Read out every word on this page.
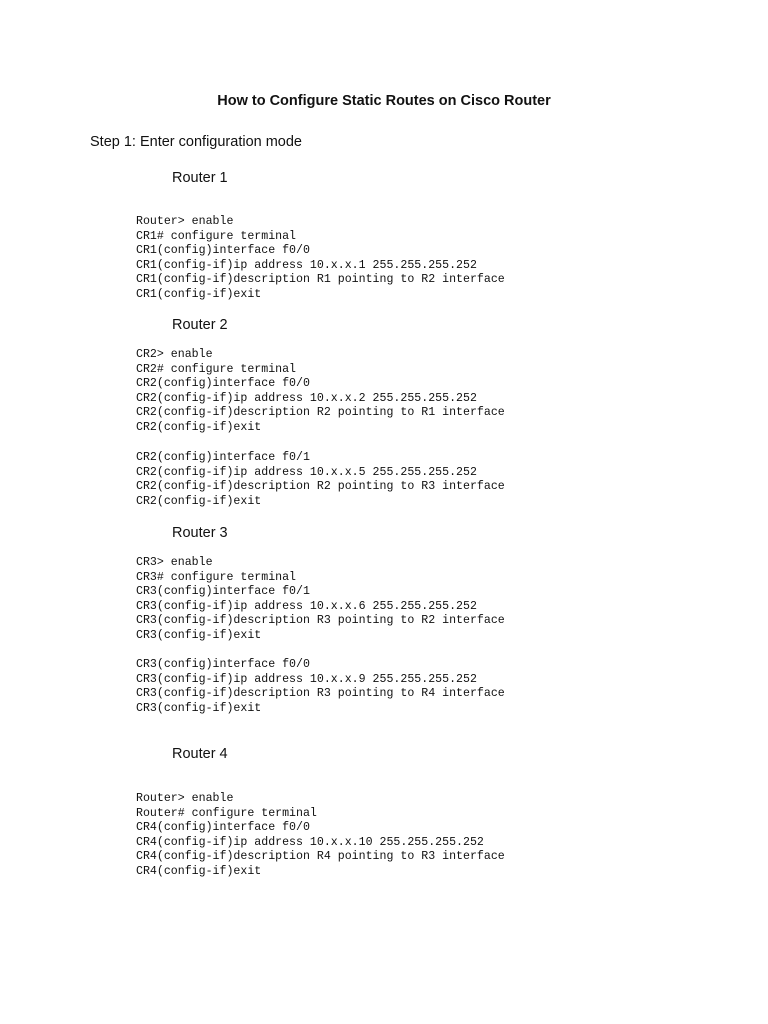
How to Configure Static Routes on Cisco Router
Step 1: Enter configuration mode
Router 1
Router> enable
CR1# configure terminal
CR1(config)interface f0/0
CR1(config-if)ip address 10.x.x.1 255.255.255.252
CR1(config-if)description R1 pointing to R2 interface
CR1(config-if)exit
Router 2
CR2> enable
CR2# configure terminal
CR2(config)interface f0/0
CR2(config-if)ip address 10.x.x.2 255.255.255.252
CR2(config-if)description R2 pointing to R1 interface
CR2(config-if)exit
CR2(config)interface f0/1
CR2(config-if)ip address 10.x.x.5 255.255.255.252
CR2(config-if)description R2 pointing to R3 interface
CR2(config-if)exit
Router 3
CR3> enable
CR3# configure terminal
CR3(config)interface f0/1
CR3(config-if)ip address 10.x.x.6 255.255.255.252
CR3(config-if)description R3 pointing to R2 interface
CR3(config-if)exit
CR3(config)interface f0/0
CR3(config-if)ip address 10.x.x.9 255.255.255.252
CR3(config-if)description R3 pointing to R4 interface
CR3(config-if)exit
Router 4
Router> enable
Router# configure terminal
CR4(config)interface f0/0
CR4(config-if)ip address 10.x.x.10 255.255.255.252
CR4(config-if)description R4 pointing to R3 interface
CR4(config-if)exit
